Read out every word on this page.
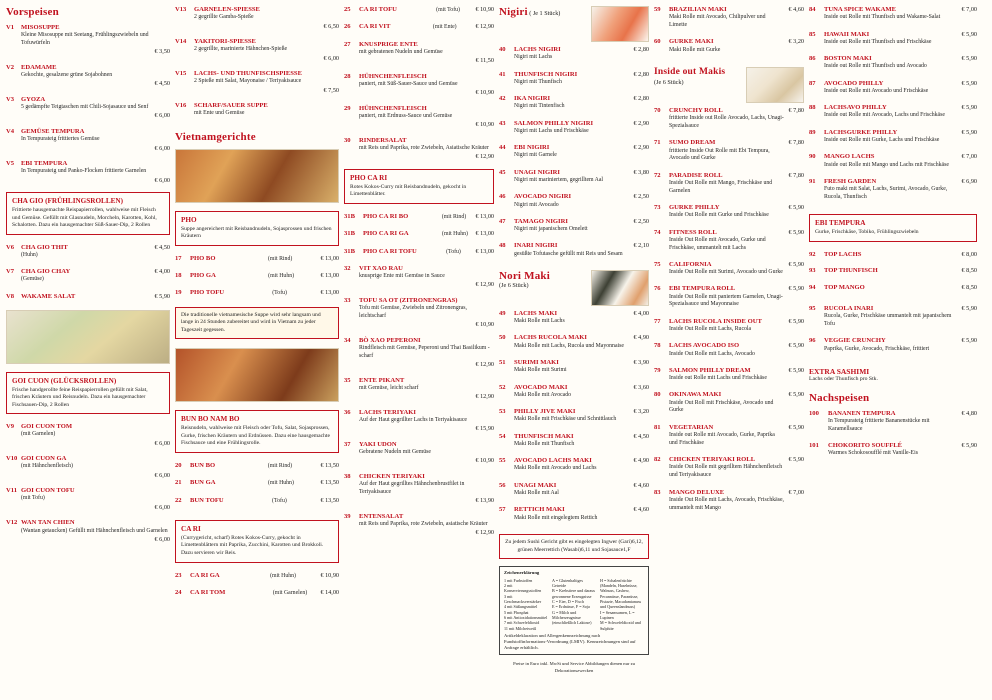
Vorspeisen
V1	MISOSUPPE
Kleine Misosuppe mit Seetang, Frühlingszwiebeln und Tofuwürfeln
€ 3,50
V2	EDAMAME
Gekochte, gesalzene grüne Sojabohnen
€ 4,50
V3	GYOZA
5 gedämpfte Teigtaschen mit Chili-Sojasauce und Senf
€ 6,00
V4	GEMÜSE TEMPURA
In Tempurateig frittiertes Gemüse
€ 6,00
V5	EBI TEMPURA
In Tempurateig und Panko-Flocken frittierte Garnelen
€ 6,00
CHA GIO (FRÜHLINGSROLLEN)
Frittierte hausgemachte Reispapierrollen, wahlweise mit Fleisch und Gemüse. Gefüllt mit Glasnudeln, Morcheln, Karotten, Kohl, Schalotten. Dazu ein hausgemachter Süß-Sauer-Dip, 2 Rollen
V6	CHA GIO THIT	€ 4,50
(Huhn)
V7	CHA GIO CHAY	€ 4,00
(Gemüse)
V8	WAKAME SALAT	€ 5,90
GOI CUON (GLÜCKSROLLEN)
Frische handgerollte feine Reispapierrollen gefüllt mit Salat, frischen Kräutern und Reisnudeln. Dazu ein hausgemachter Fischsauen-Dip, 2 Rollen
V9	GOI CUON TOM
(mit Garnelen)
€ 6,00
V10 GOI CUON GA
(mit Hähnchenfleisch)
€ 6,00
V11 GOI CUON TOFU
(mit Tofu)
€ 6,00
V12 WAN TAN CHIEN
(Wantan getaucken) Gefüllt mit Hähnchenfleisch und Garnelen
€ 6,00
V13	GARNELEN-SPIESSE
2 gegrillte Gamba-Spieße
€ 6,50
V14	YAKITORI-SPIESSE
2 gegrillte, marinierte Hähnchen-Spieße
€ 6,00
V15	LACHS- UND THUNFISCHSPIESSE
2 Spieße mit Salat, Mayonaise / Teriyakisauce
€ 7,50
V16	SCHARF/SAUER SUPPE
mit Ente und Gemüse
Vietnamgerichte
PHO
Suppe angereichert mit Reisbandnudeln, Sojasprossen und frischen Kräutern
17	PHO BO	(mit Rind)	€ 13,00
18	PHO GA	(mit Huhn)	€ 13,00
19	PHO TOFU	(Tofu)	€ 13,00
Die traditionelle vietnamesische Suppe wird sehr langsam und lange in 24 Stunden zubereitet und wird in Vietnam zu jeder Tageszeit gegessen.
BUN BO NAM BO
Reisnudeln, wahlweise mit Fleisch oder Tofu, Salat, Sojasprossen, Gurke, frischen Kräutern und Erdnüssen. Dazu eine hausgemachte Fischsauce und eine Frühlingsrolle.
20	BUN BO	(mit Rind)	€ 13,50
21	BUN GA	(mit Huhn)	€ 13,50
22	BUN TOFU	(Tofu)	€ 13,50
CA RI
(Currygericht, scharf) Rotes Kokos-Curry, gekocht in Limettenblättern mit Paprika, Zucchini, Karotten und Brokkoli. Dazu servieren wir Reis.
23	CA RI GA	(mit Huhn)	€ 10,90
24	CA RI TOM	(mit Garnelen)	€ 14,00
25	CA RI TOFU	(mit Tofu)	€ 10,90
26	CA RI VIT	(mit Ente)	€ 12,90
27	KNUSPRIGE ENTE
mit gebratenen Nudeln und Gemüse
€ 11,50
28	HÜHNCHENFLEISCH
paniert, mit Süß-Sauer-Sauce und Gemüse
€ 10,90
29	HÜHNCHENFLEISCH
paniert, mit Erdnuss-Sauce und Gemüse
€ 10,90
30	RINDERSALAT
mit Reis und Paprika, rote Zwiebeln, Asiatische Kräuter
€ 12,90
PHO CA RI
Rotes Kokos-Curry mit Reisbandnudeln, gekocht in Limettenblätter.
31B	PHO CA RI BO	(mit Rind)	€ 13,00
31B	PHO CA RI GA	(mit Huhn)	€ 13,00
31B	PHO CA RI TOFU	(Tofu)	€ 13,00
32	VIT XAO RAU
knusprige Ente mit Gemüse in Sauce
€ 12,90
33	TOFU SA OT (ZITRONENGRAS)
Tofu mit Gemüse, Zwiebeln und Zitronengras, leichtscharf
€ 10,90
34	BÒ XAO PEPERONI
Rindfleisch mit Gemüse, Peperoni und Thai Basilikum - scharf
€ 12,90
35	ENTE PIKANT
mit Gemüse, leicht scharf
€ 12,90
36	LACHS TERIYAKI
Auf der Haut gegrillter Lachs in Teriyakisauce
€ 15,90
37	YAKI UDON
Gebratene Nudeln mit Gemüse
€ 10,90
38	CHICKEN TERIYAKI
Auf der Haut gegrilltes Hähnchenbrustfilet in Teriyakisauce
€ 13,90
39	ENTENSALAT
mit Reis und Paprika, rote Zwiebeln, asiatische Kräuter
€ 12,90
Nigiri ( Je 1 Stück)
40	LACHS NIGIRI
Nigiri mit Lachs
€ 2,80
41	THUNFISCH NIGIRI
Nigiri mit Thunfisch
€ 2,80
42	IKA NIGIRI
Nigiri mit Tintenfisch
€ 2,80
43	SALMON PHILLY NIGIRI
Nigiri mit Lachs und Frischkäse
€ 2,90
44	EBI NIGIRI
Nigiri mit Garnele
€ 2,90
45	UNAGI NIGIRI
Nigiri mit mariniertem, gegrilltem Aal
€ 3,80
46	AVOCADO NIGIRI
Nigiri mit Avocado
€ 2,50
47	TAMAGO NIGIRI
Nigiri mit japanischem Omelett
€ 2,50
48	INARI NIGIRI
gesüßte Tofutasche gefüllt mit Reis und Sesam
€ 2,10
Nori Maki
(Je 6 Stück)
49	LACHS MAKI
Maki Rolle mit Lachs
€ 4,00
50	LACHS RUCOLA MAKI
Maki Rolle mit Lachs, Rucola und Mayonnaise
€ 4,90
51	SURIMI MAKI
Maki Rolle mit Surimi
€ 3,90
52	AVOCADO MAKI
Maki Rolle mit Avocado
€ 3,60
53	PHILLY JIVE MAKI
Maki Rolle mit Frischkäse und Schnittlauch
€ 3,20
54	THUNFISCH MAKI
Maki Rolle mit Thunfisch
€ 4,50
55	AVOCADO LACHS MAKI
Maki Rolle mit Avocado und Lachs
€ 4,90
56	UNAGI MAKI
Maki Rolle mit Aal
€ 4,60
57	RETTICH MAKI
Maki Rolle mit eingelegtem Rettich
€ 4,60
Zu jedem Sushi Gericht gibt es eingelegten Ingwer (Gari)6,12, grünen Meerrettich (Wasabi)6,11 und Sojasauce1,F
Zeichenerklärung
1 mit Farbstoffen
2 mit Konservierungsstoffen
3 mit Geschmacksverstärker
4 mit Süßungsmittel
5 mit Phosphat
6 mit Antioxidationsmittel
7 mit Schwefeldioxid
11 mit Milcheiweiß
A = Glutenhaltiges Getreide
B = Krebstiere und daraus gewonnene Erzeugnisse
C = Eier, D = Fisch
E = Erdnüsse, F = Soja
G = Milch und Milcherzeugnisse (einschließlich Laktose)
H = Schalenfrüchte (Mandeln, Haselnüsse, Walnuss, Cashew, Pecannüsse, Paranüsse, Pistazie, Macadamianuss und Queenslandnuss)
I = Sesamsamen, L = Lupinen
M = Schwefeldioxid und Sulphite
Artikeldeklaration und Allergenkennzeichnung nach Fundstoffinformations-Verordnung (LMIV). Kennzeichnungen sind auf Anfrage erhältlich.
Preise in Euro inkl. MwSt und Service Abbildungen dienen nur zu Dekorationszwecken
59	BRAZILIAN MAKI
Maki Rolle mit Avocado, Chilipulver und Limette
€ 4,60
60	GURKE MAKI
Maki Rolle mit Gurke
€ 3,20
Inside out Makis
(Je 6 Stück)
70	CRUNCHY ROLL
frittierte Inside out Rolle Avocado, Lachs, Unagi-Spezialsauce
€ 7,80
71	SUMO DREAM
frittierte Inside Out Rolle mit Ebi Tempura, Avocado und Gurke
€ 7,80
72	PARADISE ROLL
Inside Out Rolle mit Mango, Frischkäse und Garnelen
€ 7,80
73	GURKE PHILLY
Inside Out Rolle mit Gurke und Frischkäse
€ 5,90
74	FITNESS ROLL
Inside Out Rolle mit Avocado, Gurke und Frischkäse, ummantelt mit Lachs
€ 5,90
75	CALIFORNIA
Inside Out Rolle mit Surimi, Avocado und Gurke
€ 5,90
76	EBI TEMPURA ROLL
Inside Out Rolle mit paniertem Garnelen, Unagi-Spezialsauce und Mayonnaise
€ 5,90
77	LACHS RUCOLA INSIDE OUT
Inside Out Rolle mit Lachs, Rucola
€ 5,90
78	LACHS AVOCADO ISO
Inside Out Rolle mit Lachs, Avocado
€ 5,90
79	SALMON PHILLY DREAM
Inside out Rolle mit Lachs und Frischkäse
€ 5,90
80	OKINAWA MAKI
Inside Out Roll mit Frischkäse, Avocado und Gurke
€ 5,90
81	VEGETARIAN
Inside out Rolle mit Avocado, Gurke, Paprika und Frischkäse
€ 5,90
82	CHICKEN TERIYAKI ROLL
Inside Out Rolle mit gegrilltem Hähnchenfleisch und Teriyakisauce
€ 5,90
83	MANGO DELUXE
Inside Out Rolle mit Lachs, Avocado, Frischkäse, ummantelt mit Mango
€ 7,00
84	TUNA SPICE WAKAME
Inside out Rolle mit Thunfisch und Wakame-Salat
€ 7,00
85	HAWAII MAKI
Inside out Rolle mit Thunfisch und Frischkäse
€ 5,90
86	BOSTON MAKI
Inside out Rolle mit Thunfisch und Avocado
€ 5,90
87	AVOCADO PHILLY
Inside out Rolle mit Avocado und Frischkäse
€ 5,90
88	LACHSAVO PHILLY
Inside out Rolle mit Avocado, Lachs und Frischkäse
€ 5,90
89	LACHSGURKE PHILLY
Inside out Rolle mit Gurke, Lachs und Frischkäse
€ 5,90
90	MANGO LACHS
Inside out Rolle mit Mango und Lachs mit Frischkäse
€ 7,00
91	FRESH GARDEN
Futo maki mit Salat, Lachs, Surimi, Avocado, Gurke, Rucola, Thunfisch
€ 6,90
EBI TEMPURA
Gurke, Frischkäse, Tobiko, Frühlingszwiebeln
92	TOP LACHS	€ 8,00
93	TOP THUNFISCH	€ 8,50
94	TOP MANGO	€ 8,50
95	RUCOLA INARI
Rucola, Gurke, Frischkäse ummantelt mit japanischem Tofu
€ 5,90
96	VEGGIE CRUNCHY
Paprika, Gurke, Avocado, Frischkäse, frittiert
€ 5,90
EXTRA SASHIMI
Lachs oder Thunfisch pro Stk.
Nachspeisen
100	BANANEN TEMPURA
In Tempurateig frittierte Bananenstücke mit Karamellsauce
€ 4,80
101	CHOKORITO SOUFFLÉ
Warmes Schokosoufflé mit Vanille-Eis
€ 5,90
